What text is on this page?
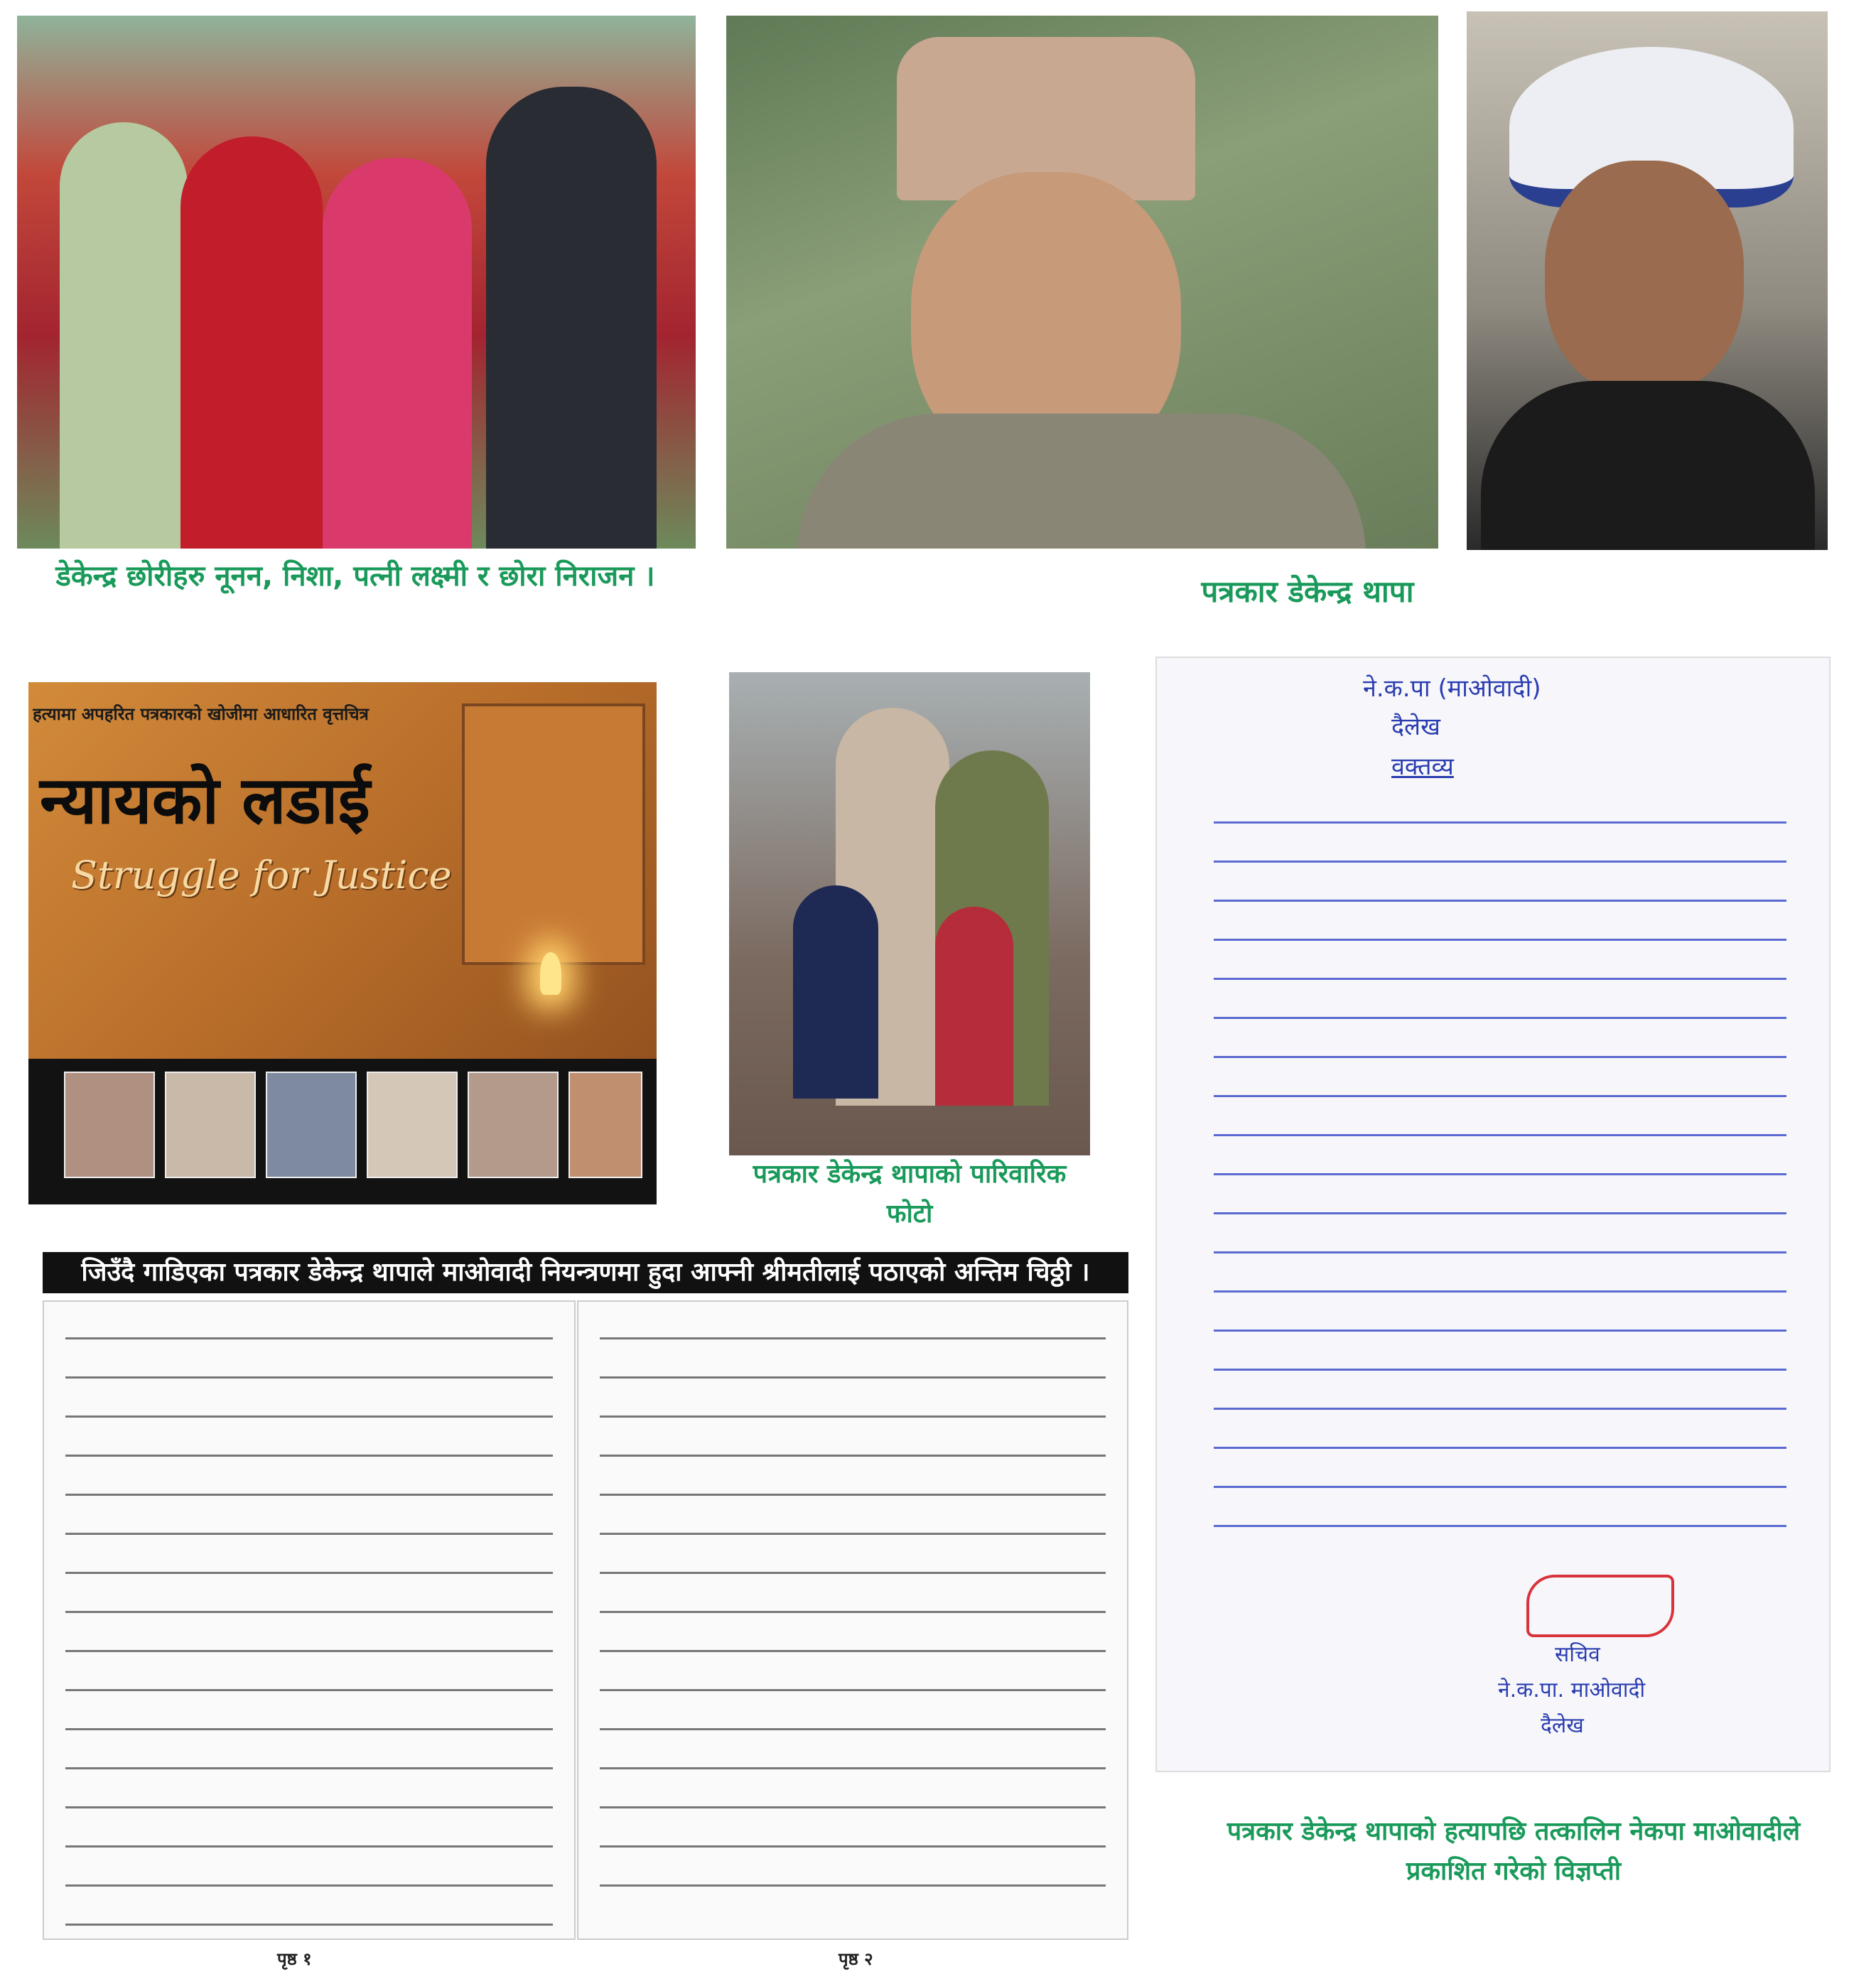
डेकेन्द्र छोरीहरु नूनन, निशा, पत्नी लक्ष्मी र छोरा निराजन ।	पत्रकार डेकेन्द्र थापा
हत्यामा अपहरित पत्रकारको खोजीमा आधारित वृत्तचित्र
न्यायको लडाई
Struggle for Justice
पत्रकार डेकेन्द्र थापाको पारिवारिक फोटो
ने.क.पा (माओवादी)
दैलेख
वक्तव्य
सचिव
ने.क.पा. माओवादी
दैलेख
पत्रकार डेकेन्द्र थापाको हत्यापछि तत्कालिन नेकपा माओवादीले प्रकाशित गरेको विज्ञप्ती
जिउँदै गाडिएका पत्रकार डेकेन्द्र थापाले माओवादी नियन्त्रणमा हुदा आफ्नी श्रीमतीलाई पठाएको अन्तिम चिठ्ठी ।
पृष्ठ १	पृष्ठ २
